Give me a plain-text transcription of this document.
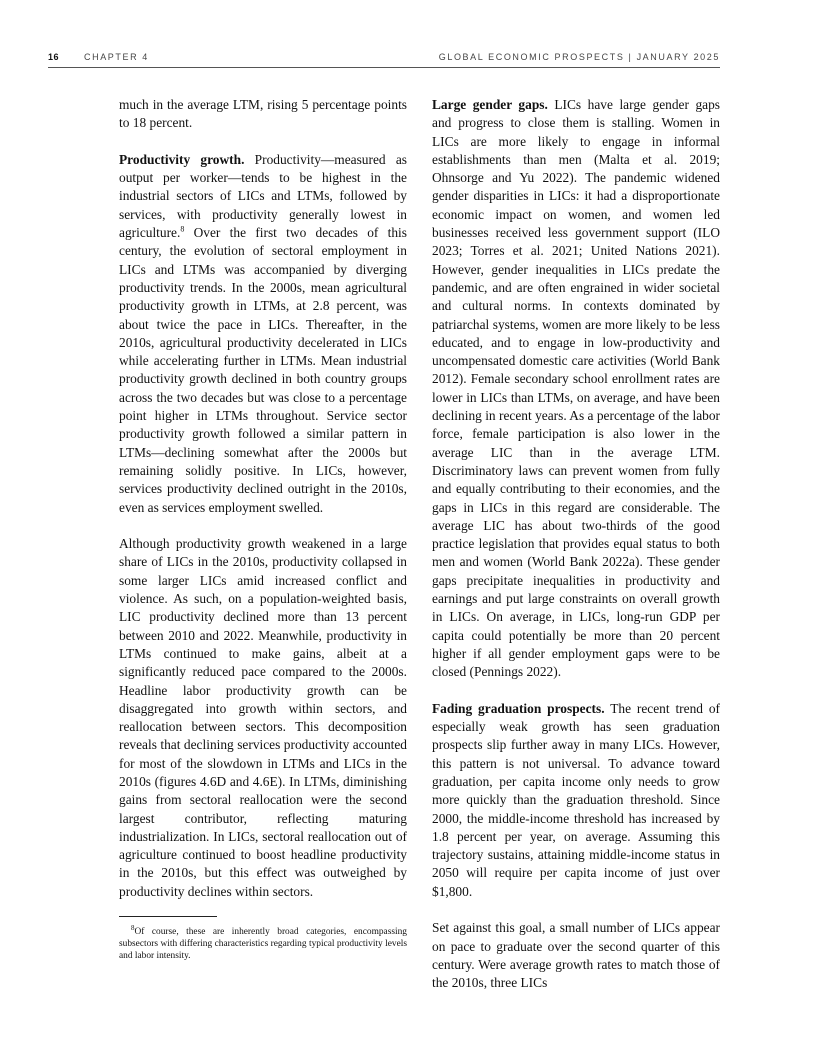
16	CHAPTER 4	GLOBAL ECONOMIC PROSPECTS | JANUARY 2025

much in the average LTM, rising 5 percentage points to 18 percent.

Productivity growth. Productivity—measured as output per worker—tends to be highest in the industrial sectors of LICs and LTMs, followed by services, with productivity generally lowest in agriculture.$^8$ Over the first two decades of this century, the evolution of sectoral employment in LICs and LTMs was accompanied by diverging productivity trends. In the 2000s, mean agricultural productivity growth in LTMs, at 2.8 percent, was about twice the pace in LICs. Thereafter, in the 2010s, agricultural productivity decelerated in LICs while accelerating further in LTMs. Mean industrial productivity growth declined in both country groups across the two decades but was close to a percentage point higher in LTMs throughout. Service sector productivity growth followed a similar pattern in LTMs—declining somewhat after the 2000s but remaining solidly positive. In LICs, however, services productivity declined outright in the 2010s, even as services employment swelled.

Although productivity growth weakened in a large share of LICs in the 2010s, productivity collapsed in some larger LICs amid increased conflict and violence. As such, on a population-weighted basis, LIC productivity declined more than 13 percent between 2010 and 2022. Meanwhile, productivity in LTMs continued to make gains, albeit at a significantly reduced pace compared to the 2000s. Headline labor productivity growth can be disaggregated into growth within sectors, and reallocation between sectors. This decomposition reveals that declining services productivity accounted for most of the slowdown in LTMs and LICs in the 2010s (figures 4.6D and 4.6E). In LTMs, diminishing gains from sectoral reallocation were the second largest contributor, reflecting maturing industrialization. In LICs, sectoral reallocation out of agriculture continued to boost headline productivity in the 2010s, but this effect was outweighed by productivity declines within sectors.

$^8$Of course, these are inherently broad categories, encompassing subsectors with differing characteristics regarding typical productivity levels and labor intensity.

Large gender gaps. LICs have large gender gaps and progress to close them is stalling. Women in LICs are more likely to engage in informal establishments than men (Malta et al. 2019; Ohnsorge and Yu 2022). The pandemic widened gender disparities in LICs: it had a disproportionate economic impact on women, and women led businesses received less government support (ILO 2023; Torres et al. 2021; United Nations 2021). However, gender inequalities in LICs predate the pandemic, and are often engrained in wider societal and cultural norms. In contexts dominated by patriarchal systems, women are more likely to be less educated, and to engage in low-productivity and uncompensated domestic care activities (World Bank 2012). Female secondary school enrollment rates are lower in LICs than LTMs, on average, and have been declining in recent years. As a percentage of the labor force, female participation is also lower in the average LIC than in the average LTM. Discriminatory laws can prevent women from fully and equally contributing to their economies, and the gaps in LICs in this regard are considerable. The average LIC has about two-thirds of the good practice legislation that provides equal status to both men and women (World Bank 2022a). These gender gaps precipitate inequalities in productivity and earnings and put large constraints on overall growth in LICs. On average, in LICs, long-run GDP per capita could potentially be more than 20 percent higher if all gender employment gaps were to be closed (Pennings 2022).

Fading graduation prospects. The recent trend of especially weak growth has seen graduation prospects slip further away in many LICs. However, this pattern is not universal. To advance toward graduation, per capita income only needs to grow more quickly than the graduation threshold. Since 2000, the middle-income threshold has increased by 1.8 percent per year, on average. Assuming this trajectory sustains, attaining middle-income status in 2050 will require per capita income of just over $1,800.

Set against this goal, a small number of LICs appear on pace to graduate over the second quarter of this century. Were average growth rates to match those of the 2010s, three LICs
